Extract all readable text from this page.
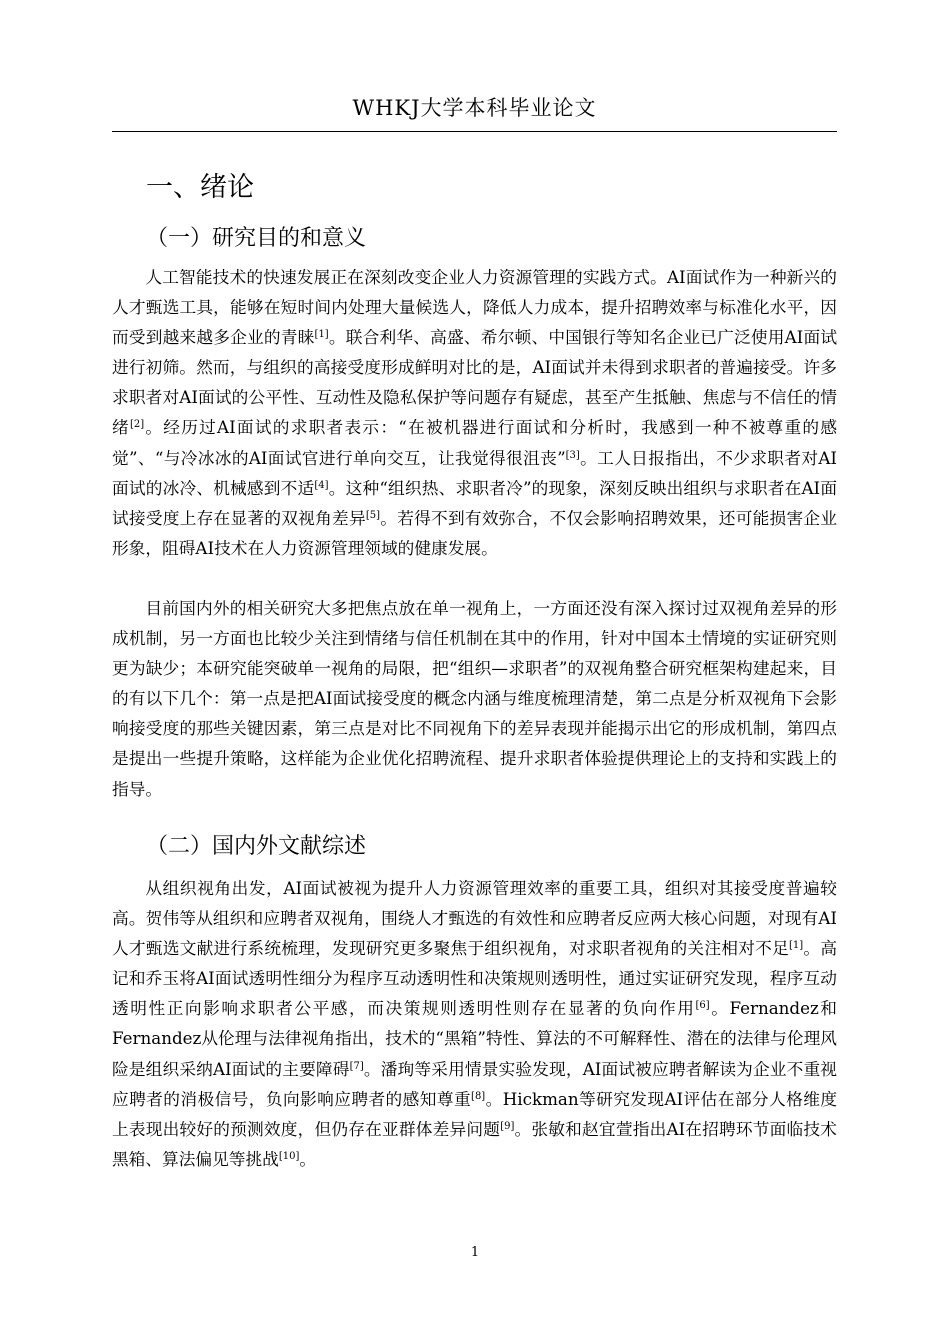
WHKJ大学本科毕业论文
一、绪论
（一）研究目的和意义

人工智能技术的快速发展正在深刻改变企业人力资源管理的实践方式。AI面试作为一种新兴的人才甄选工具，能够在短时间内处理大量候选人，降低人力成本，提升招聘效率与标准化水平，因而受到越来越多企业的青睐[1]。联合利华、高盛、希尔顿、中国银行等知名企业已广泛使用AI面试进行初筛。然而，与组织的高接受度形成鲜明对比的是，AI面试并未得到求职者的普遍接受。许多求职者对AI面试的公平性、互动性及隐私保护等问题存有疑虑，甚至产生抵触、焦虑与不信任的情绪[2]。经历过AI面试的求职者表示：“在被机器进行面试和分析时，我感到一种不被尊重的感觉”、“与冷冰冰的AI面试官进行单向交互，让我觉得很沮丧”[3]。工人日报指出，不少求职者对AI面试的冰冷、机械感到不适[4]。这种“组织热、求职者冷”的现象，深刻反映出组织与求职者在AI面试接受度上存在显著的双视角差异[5]。若得不到有效弥合，不仅会影响招聘效果，还可能损害企业形象，阻碍AI技术在人力资源管理领域的健康发展。

目前国内外的相关研究大多把焦点放在单一视角上，一方面还没有深入探讨过双视角差异的形成机制，另一方面也比较少关注到情绪与信任机制在其中的作用，针对中国本土情境的实证研究则更为缺少；本研究能突破单一视角的局限，把“组织—求职者”的双视角整合研究框架构建起来，目的有以下几个：第一点是把AI面试接受度的概念内涵与维度梳理清楚，第二点是分析双视角下会影响接受度的那些关键因素，第三点是对比不同视角下的差异表现并能揭示出它的形成机制，第四点是提出一些提升策略，这样能为企业优化招聘流程、提升求职者体验提供理论上的支持和实践上的指导。

（二）国内外文献综述

从组织视角出发，AI面试被视为提升人力资源管理效率的重要工具，组织对其接受度普遍较高。贺伟等从组织和应聘者双视角，围绕人才甄选的有效性和应聘者反应两大核心问题，对现有AI人才甄选文献进行系统梳理，发现研究更多聚焦于组织视角，对求职者视角的关注相对不足[1]。高记和乔玉将AI面试透明性细分为程序互动透明性和决策规则透明性，通过实证研究发现，程序互动透明性正向影响求职者公平感，而决策规则透明性则存在显著的负向作用[6]。Fernandez和Fernandez从伦理与法律视角指出，技术的“黑箱”特性、算法的不可解释性、潜在的法律与伦理风险是组织采纳AI面试的主要障碍[7]。潘珣等采用情景实验发现，AI面试被应聘者解读为企业不重视应聘者的消极信号，负向影响应聘者的感知尊重[8]。Hickman等研究发现AI评估在部分人格维度上表现出较好的预测效度，但仍存在亚群体差异问题[9]。张敏和赵宜萱指出AI在招聘环节面临技术黑箱、算法偏见等挑战[10]。

1
